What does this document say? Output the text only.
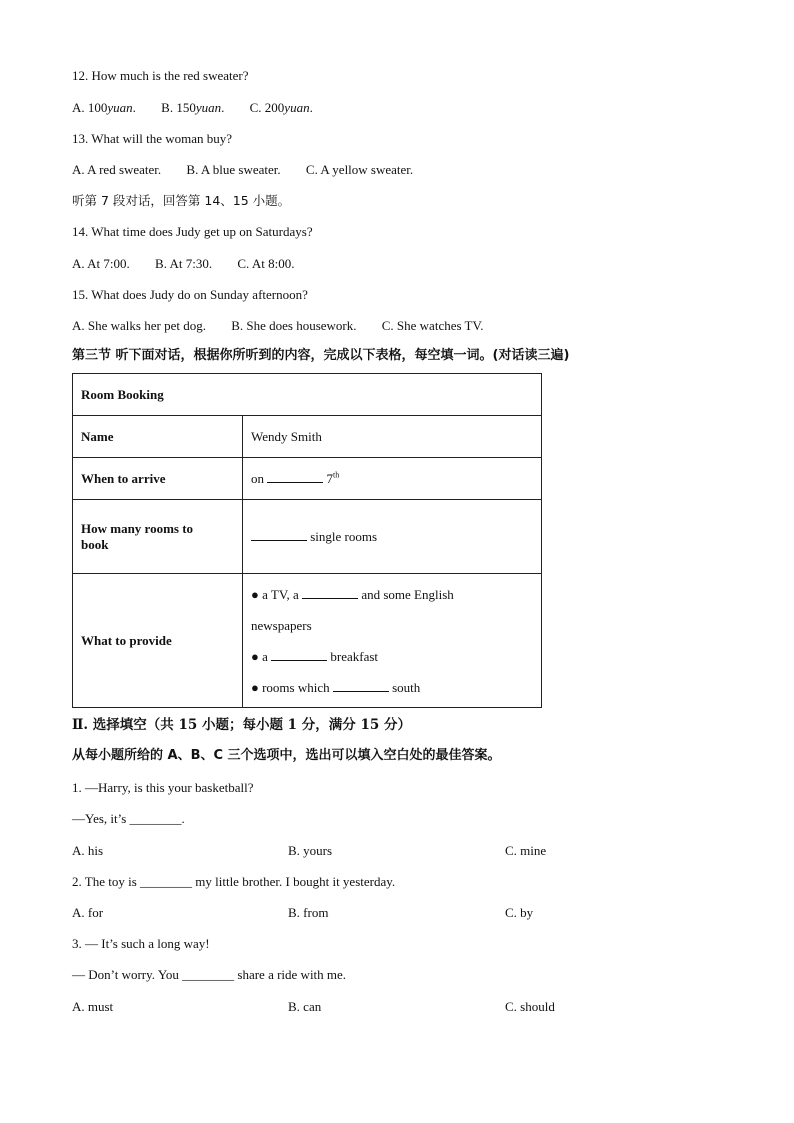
12. How much is the red sweater?
A. 100yuan. B. 150yuan. C. 200yuan.
13. What will the woman buy?
A. A red sweater. B. A blue sweater. C. A yellow sweater.
听第 7 段对话，回答第 14、15 小题。
14. What time does Judy get up on Saturdays?
A. At 7:00. B. At 7:30. C. At 8:00.
15. What does Judy do on Sunday afternoon?
A. She walks her pet dog. B. She does housework. C. She watches TV.
第三节 听下面对话，根据你所听到的内容，完成以下表格，每空填一词。(对话读三遍)
Room Booking	
Name	Wendy Smith
When to arrive	on 7th
How many rooms to
book	single rooms
What to provide	● a TV, a and some English
newspapers
● a breakfast
● rooms which south
Ⅱ. 选择填空（共 15 小题；每小题 1 分，满分 15 分）
从每小题所给的 A、B、C 三个选项中，选出可以填入空白处的最佳答案。
1. —Harry, is this your basketball?
—Yes, it’s ________.
A. his	B. yours	C. mine
2. The toy is ________ my little brother. I bought it yesterday.
A. for	B. from	C. by
3. — It’s such a long way!
— Don’t worry. You ________ share a ride with me.
A. must	B. can	C. should
